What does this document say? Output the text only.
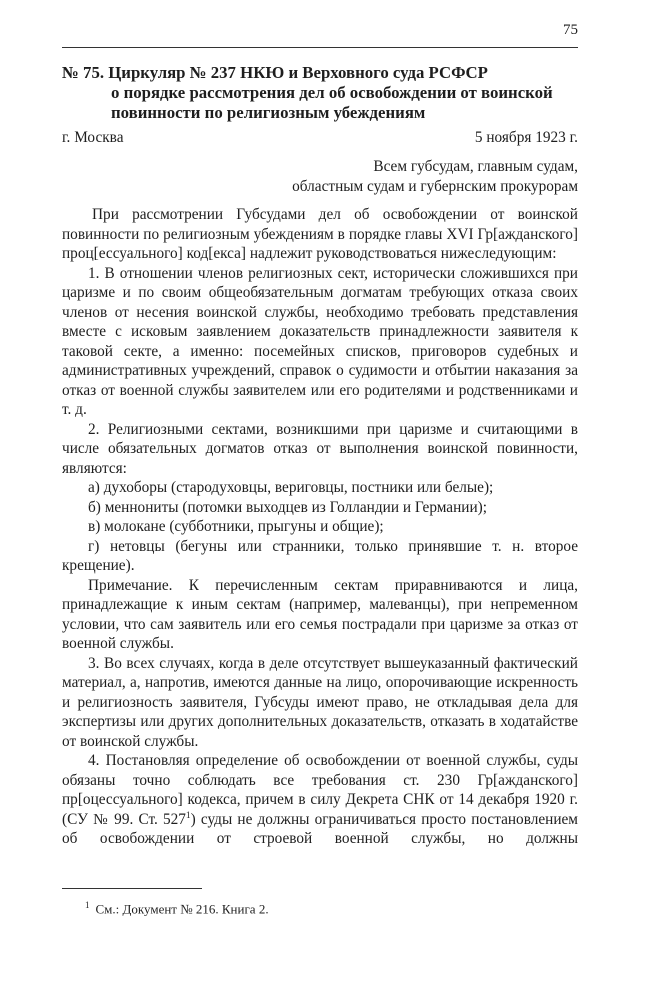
75
№ 75. Циркуляр № 237 НКЮ и Верховного суда РСФСР
о порядке рассмотрения дел об освобождении от воинской
повинности по религиозным убеждениям
г. Москва	5 ноября 1923 г.
Всем губсудам, главным судам,
областным судам и губернским прокурорам

При рассмотрении Губсудами дел об освобождении от воинской повинности по религиозным убеждениям в порядке главы XVI Гр[ажданского] проц[ессуального] код[екса] надлежит руководствоваться нижеследующим:

1. В отношении членов религиозных сект, исторически сложившихся при царизме и по своим общеобязательным догматам требующих отказа своих членов от несения воинской службы, необходимо требовать представления вместе с исковым заявлением доказательств принадлежности заявителя к таковой секте, а именно: посемейных списков, приговоров судебных и административных учреждений, справок о судимости и отбытии наказания за отказ от военной службы заявителем или его родителями и родственниками и т. д.

2. Религиозными сектами, возникшими при царизме и считающими в числе обязательных догматов отказ от выполнения воинской повинности, являются:

а) духоборы (стародуховцы, вериговцы, постники или белые);

б) меннониты (потомки выходцев из Голландии и Германии);

в) молокане (субботники, прыгуны и общие);

г) нетовцы (бегуны или странники, только принявшие т. н. второе крещение).

Примечание. К перечисленным сектам приравниваются и лица, принадлежащие к иным сектам (например, малеванцы), при непременном условии, что сам заявитель или его семья пострадали при царизме за отказ от военной службы.

3. Во всех случаях, когда в деле отсутствует вышеуказанный фактический материал, а, напротив, имеются данные на лицо, опорочивающие искренность и религиозность заявителя, Губсуды имеют право, не откладывая дела для экспертизы или других дополнительных доказательств, отказать в ходатайстве от воинской службы.

4. Постановляя определение об освобождении от военной службы, суды обязаны точно соблюдать все требования ст. 230 Гр[ажданского] пр[оцессуального] кодекса, причем в силу Декрета СНК от 14 декабря 1920 г. (СУ № 99. Ст. 527$^1$) суды не должны ограничиваться просто постановлением об освобождении от строевой военной службы, но должны

$^1$ См.: Документ № 216. Книга 2.
